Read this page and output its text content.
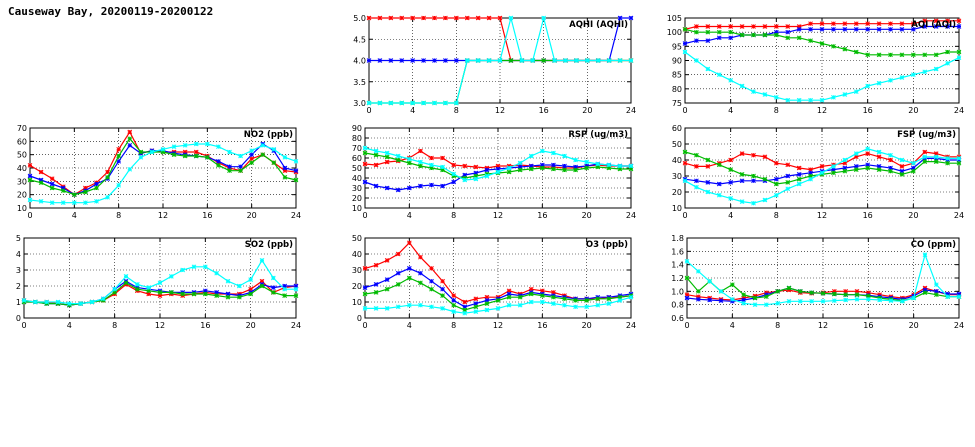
Causeway Bay, 20200119-20200122
0	4	8	12	16	20	24
3.0
3.5
4.0
4.5
5.0
AQHI (AQHI)
0	4	8	12	16	20	24
75
80
85
90
95
100
105
AQI (AQI)
0	4	8	12	16	20	24
10
20
30
40
50
60
70
NO2 (ppb)
0	4	8	12	16	20	24
10
20
30
40
50
60
70
80
90
RSP (ug/m3)
0	4	8	12	16	20	24
10
20
30
40
50
60
FSP (ug/m3)
0	4	8	12	16	20	24
0
1
2
3
4
5
SO2 (ppb)
0	4	8	12	16	20	24
0
10
20
30
40
50
O3 (ppb)
0	4	8	12	16	20	24
0.6
0.8
1.0
1.2
1.4
1.6
1.8
CO (ppm)
